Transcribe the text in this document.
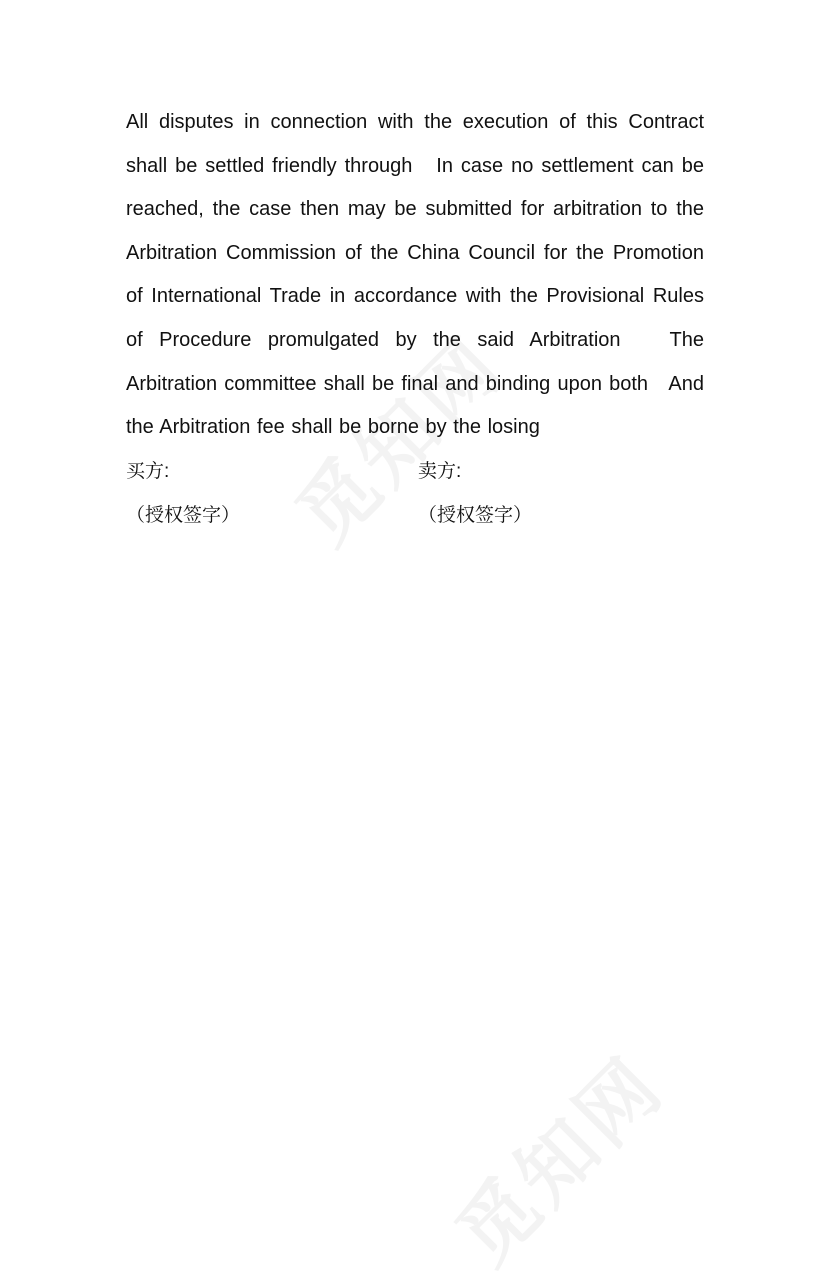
All disputes in connection with the execution of this Contract shall be settled friendly through   In case no settlement can be reached, the case then may be submitted for arbitration to the Arbitration Commission of the China Council for the Promotion of International Trade in accordance with the Provisional Rules of Procedure promulgated by the said Arbitration   The Arbitration committee shall be final and binding upon both   And the Arbitration fee shall be borne by the losing

买方:	卖方:
（授权签字）	（授权签字）
